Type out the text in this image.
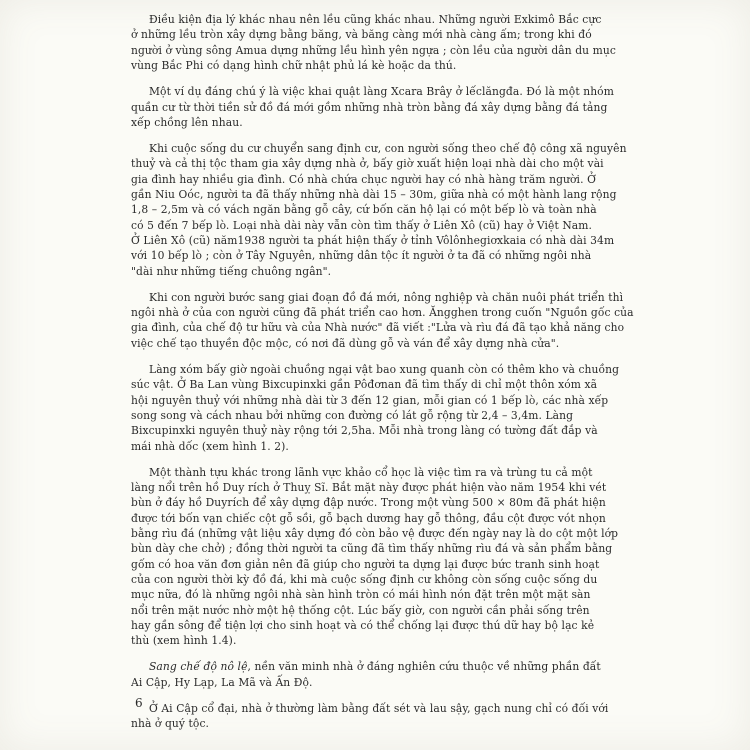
Điều kiện địa lý khác nhau nên lều cũng khác nhau. Những người Exkimô Bắc cực
ở những lều tròn xây dựng bằng băng, và băng càng mới nhà càng ấm; trong khi đó
người ở vùng sông Amua dựng những lều hình yên ngựa ; còn lều của người dân du mục
vùng Bắc Phi có dạng hình chữ nhật phủ lá kè hoặc da thú.
Một ví dụ đáng chú ý là việc khai quật làng Xcara Brây ở lếclăngđa. Đó là một nhóm
quần cư từ thời tiền sử đồ đá mới gồm những nhà tròn bằng đá xây dựng bằng đá tảng
xếp chồng lên nhau.
Khi cuộc sống du cư chuyển sang định cư, con người sống theo chế độ công xã nguyên
thuỷ và cả thị tộc tham gia xây dựng nhà ở, bấy giờ xuất hiện loại nhà dài cho một vài
gia đình hay nhiều gia đình. Có nhà chứa chục người hay có nhà hàng trăm người. Ở
gần Niu Oóc, người ta đã thấy những nhà dài 15 – 30m, giữa nhà có một hành lang rộng
1,8 – 2,5m và có vách ngăn bằng gỗ cây, cứ bốn căn hộ lại có một bếp lò và toàn nhà
có 5 đến 7 bếp lò. Loại nhà dài này vẫn còn tìm thấy ở Liên Xô (cũ) hay ở Việt Nam.
Ở Liên Xô (cũ) năm1938 người ta phát hiện thấy ở tỉnh Vôlônhegiơxkaia có nhà dài 34m
với 10 bếp lò ; còn ở Tây Nguyên, những dân tộc ít người ở ta đã có những ngôi nhà
"dài như những tiếng chuông ngân".
Khi con người bước sang giai đoạn đồ đá mới, nông nghiệp và chăn nuôi phát triển thì
ngôi nhà ở của con người cũng đã phát triển cao hơn. Ăngghen trong cuốn "Nguồn gốc của
gia đình, của chế độ tư hữu và của Nhà nước" đã viết :"Lửa và rìu đá đã tạo khả năng cho
việc chế tạo thuyền độc mộc, có nơi đã dùng gỗ và ván để xây dựng nhà cửa".
Làng xóm bấy giờ ngoài chuồng ngại vật bao xung quanh còn có thêm kho và chuồng
súc vật. Ở Ba Lan vùng Bixcupinxki gần Pôđơnan đã tìm thấy di chỉ một thôn xóm xã
hội nguyên thuỷ với những nhà dài từ 3 đến 12 gian, mỗi gian có 1 bếp lò, các nhà xếp
song song và cách nhau bởi những con đường có lát gỗ rộng từ 2,4 – 3,4m. Làng
Bixcupinxki nguyên thuỷ này rộng tới 2,5ha. Mỗi nhà trong làng có tường đất đắp và
mái nhà dốc (xem hình 1. 2).
Một thành tựu khác trong lãnh vực khảo cổ học là việc tìm ra và trùng tu cả một
làng nổi trên hồ Duy rích ở Thuỵ Sĩ. Bắt mặt này được phát hiện vào năm 1954 khi vét
bùn ở đáy hồ Duyrích để xây dựng đập nước. Trong một vùng 500 × 80m đã phát hiện
được tới bốn vạn chiếc cột gỗ sồi, gỗ bạch dương hay gỗ thông, đầu cột được vót nhọn
bằng rìu đá (những vật liệu xây dựng đó còn bảo vệ được đến ngày nay là do cột một lớp
bùn dày che chở) ; đồng thời người ta cũng đã tìm thấy những rìu đá và sản phẩm bằng
gốm có hoa văn đơn giản nên đã giúp cho người ta dựng lại được bức tranh sinh hoạt
của con người thời kỳ đồ đá, khi mà cuộc sống định cư không còn sống cuộc sống du
mục nữa, đó là những ngôi nhà sàn hình tròn có mái hình nón đặt trên một mặt sàn
nổi trên mặt nước nhờ một hệ thống cột. Lúc bấy giờ, con người cần phải sống trên
hay gần sông để tiện lợi cho sinh hoạt và có thể chống lại được thú dữ hay bộ lạc kẻ
thù (xem hình 1.4).
Sang chế độ nô lệ, nền văn minh nhà ở đáng nghiên cứu thuộc về những phần đất
Ai Cập, Hy Lạp, La Mã và Ấn Độ.
Ở Ai Cập cổ đại, nhà ở thường làm bằng đất sét và lau sậy, gạch nung chỉ có đối với
nhà ở quý tộc.
6
